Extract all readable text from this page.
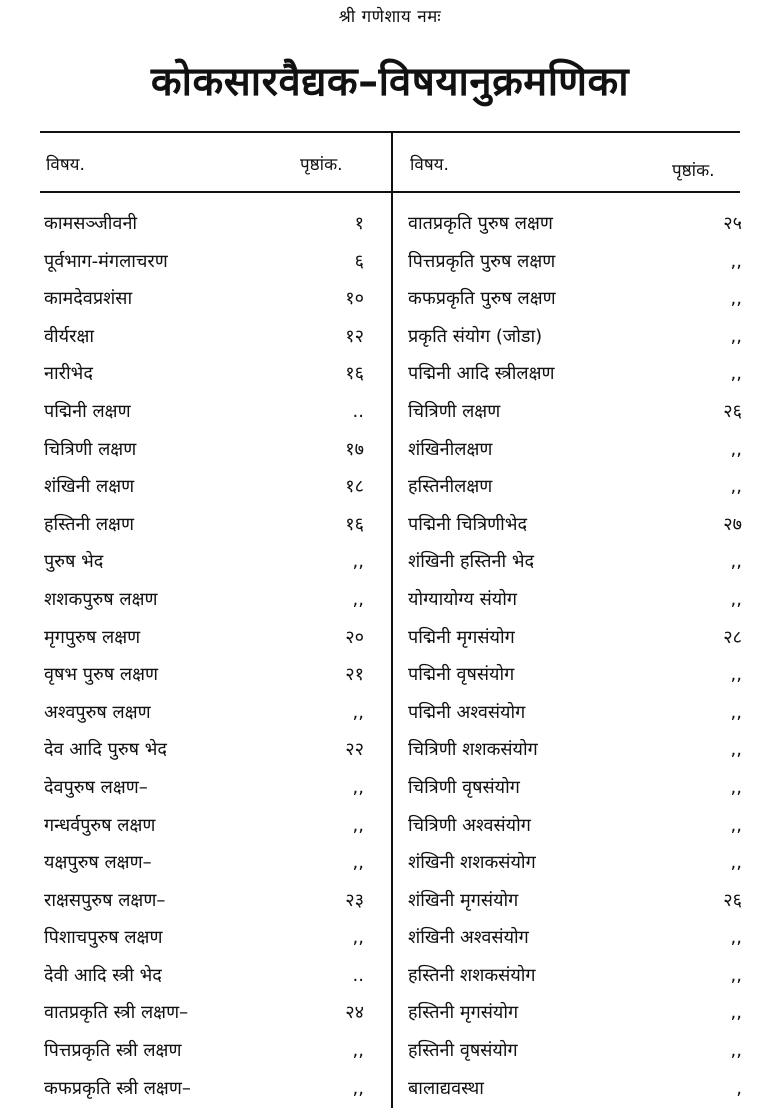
श्री गणेशाय नमः
कोकसारवैद्यक–विषयानुक्रमणिका
विषय.	पृष्ठांक.	विषय.	पृष्ठांक.
कामसञ्जीवनी	१
पूर्वभाग-मंगलाचरण	६
कामदेवप्रशंसा	१०
वीर्यरक्षा	१२
नारीभेद	१६
पद्मिनी लक्षण	..
चित्रिणी लक्षण	१७
शंखिनी लक्षण	१८
हस्तिनी लक्षण	१६
पुरुष भेद	,,
शशकपुरुष लक्षण	,,
मृगपुरुष लक्षण	२०
वृषभ पुरुष लक्षण	२१
अश्वपुरुष लक्षण	,,
देव आदि पुरुष भेद	२२
देवपुरुष लक्षण–	,,
गन्धर्वपुरुष लक्षण	,,
यक्षपुरुष लक्षण–	,,
राक्षसपुरुष लक्षण–	२३
पिशाचपुरुष लक्षण	,,
देवी आदि स्त्री भेद	..
वातप्रकृति स्त्री लक्षण–	२४
पित्तप्रकृति स्त्री लक्षण	,,
कफप्रकृति स्त्री लक्षण–	,,
वातप्रकृति पुरुष लक्षण	२५
पित्तप्रकृति पुरुष लक्षण	,,
कफप्रकृति पुरुष लक्षण	,,
प्रकृति संयोग (जोडा)	,,
पद्मिनी आदि स्त्रीलक्षण	,,
चित्रिणी लक्षण	२६
शंखिनीलक्षण	,,
हस्तिनीलक्षण	,,
पद्मिनी चित्रिणीभेद	२७
शंखिनी हस्तिनी भेद	,,
योग्यायोग्य संयोग	,,
पद्मिनी मृगसंयोग	२८
पद्मिनी वृषसंयोग	,,
पद्मिनी अश्वसंयोग	,,
चित्रिणी शशकसंयोग	,,
चित्रिणी वृषसंयोग	,,
चित्रिणी अश्वसंयोग	,,
शंखिनी शशकसंयोग	,,
शंखिनी मृगसंयोग	२६
शंखिनी अश्वसंयोग	,,
हस्तिनी शशकसंयोग	,,
हस्तिनी मृगसंयोग	,,
हस्तिनी वृषसंयोग	,,
बालाद्यवस्था	,
